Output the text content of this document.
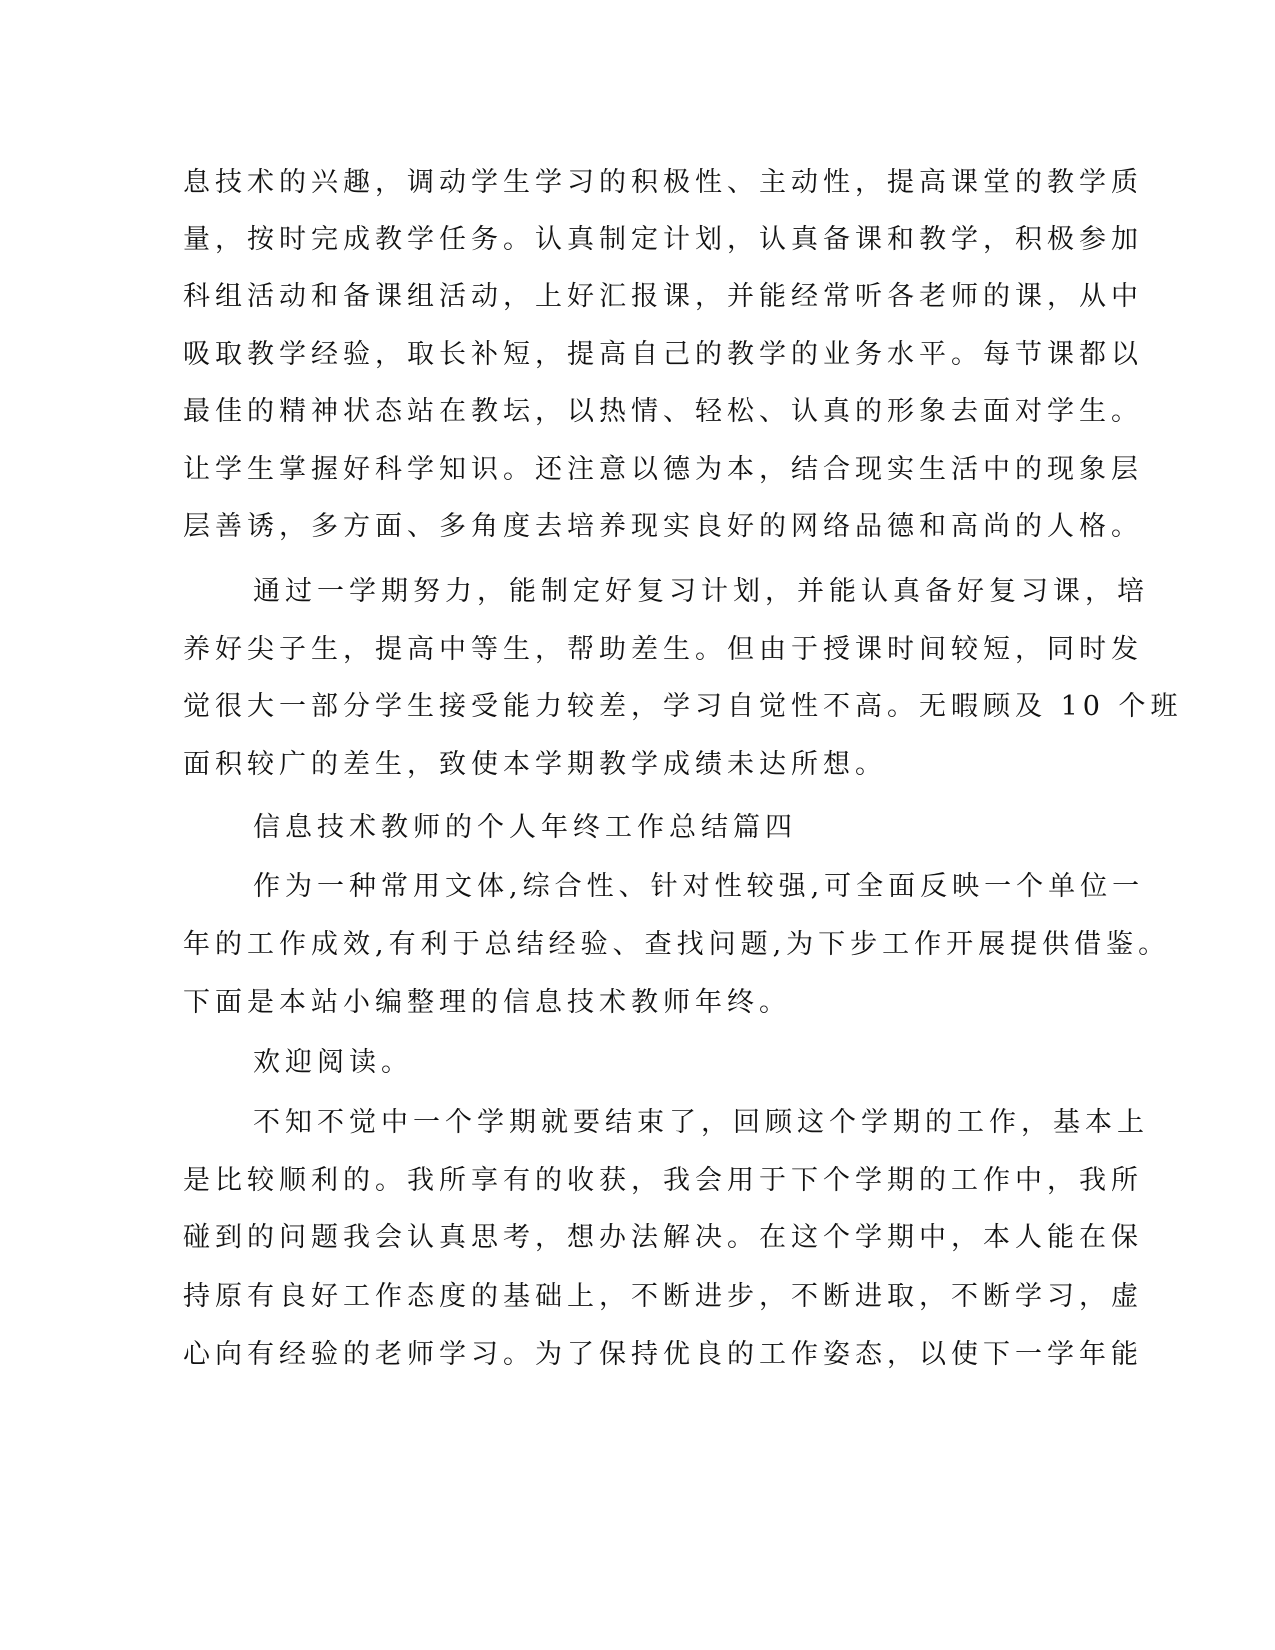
息技术的兴趣，调动学生学习的积极性、主动性，提高课堂的教学质

量，按时完成教学任务。认真制定计划，认真备课和教学，积极参加

科组活动和备课组活动，上好汇报课，并能经常听各老师的课，从中

吸取教学经验，取长补短，提高自己的教学的业务水平。每节课都以

最佳的精神状态站在教坛，以热情、轻松、认真的形象去面对学生。

让学生掌握好科学知识。还注意以德为本，结合现实生活中的现象层

层善诱，多方面、多角度去培养现实良好的网络品德和高尚的人格。

通过一学期努力，能制定好复习计划，并能认真备好复习课，培

养好尖子生，提高中等生，帮助差生。但由于授课时间较短，同时发

觉很大一部分学生接受能力较差，学习自觉性不高。无暇顾及 10 个班

面积较广的差生，致使本学期教学成绩未达所想。

信息技术教师的个人年终工作总结篇四

作为一种常用文体,综合性、针对性较强,可全面反映一个单位一

年的工作成效,有利于总结经验、查找问题,为下步工作开展提供借鉴。

下面是本站小编整理的信息技术教师年终。

欢迎阅读。

不知不觉中一个学期就要结束了，回顾这个学期的工作，基本上

是比较顺利的。我所享有的收获，我会用于下个学期的工作中，我所

碰到的问题我会认真思考，想办法解决。在这个学期中，本人能在保

持原有良好工作态度的基础上，不断进步，不断进取，不断学习，虚

心向有经验的老师学习。为了保持优良的工作姿态，以使下一学年能
